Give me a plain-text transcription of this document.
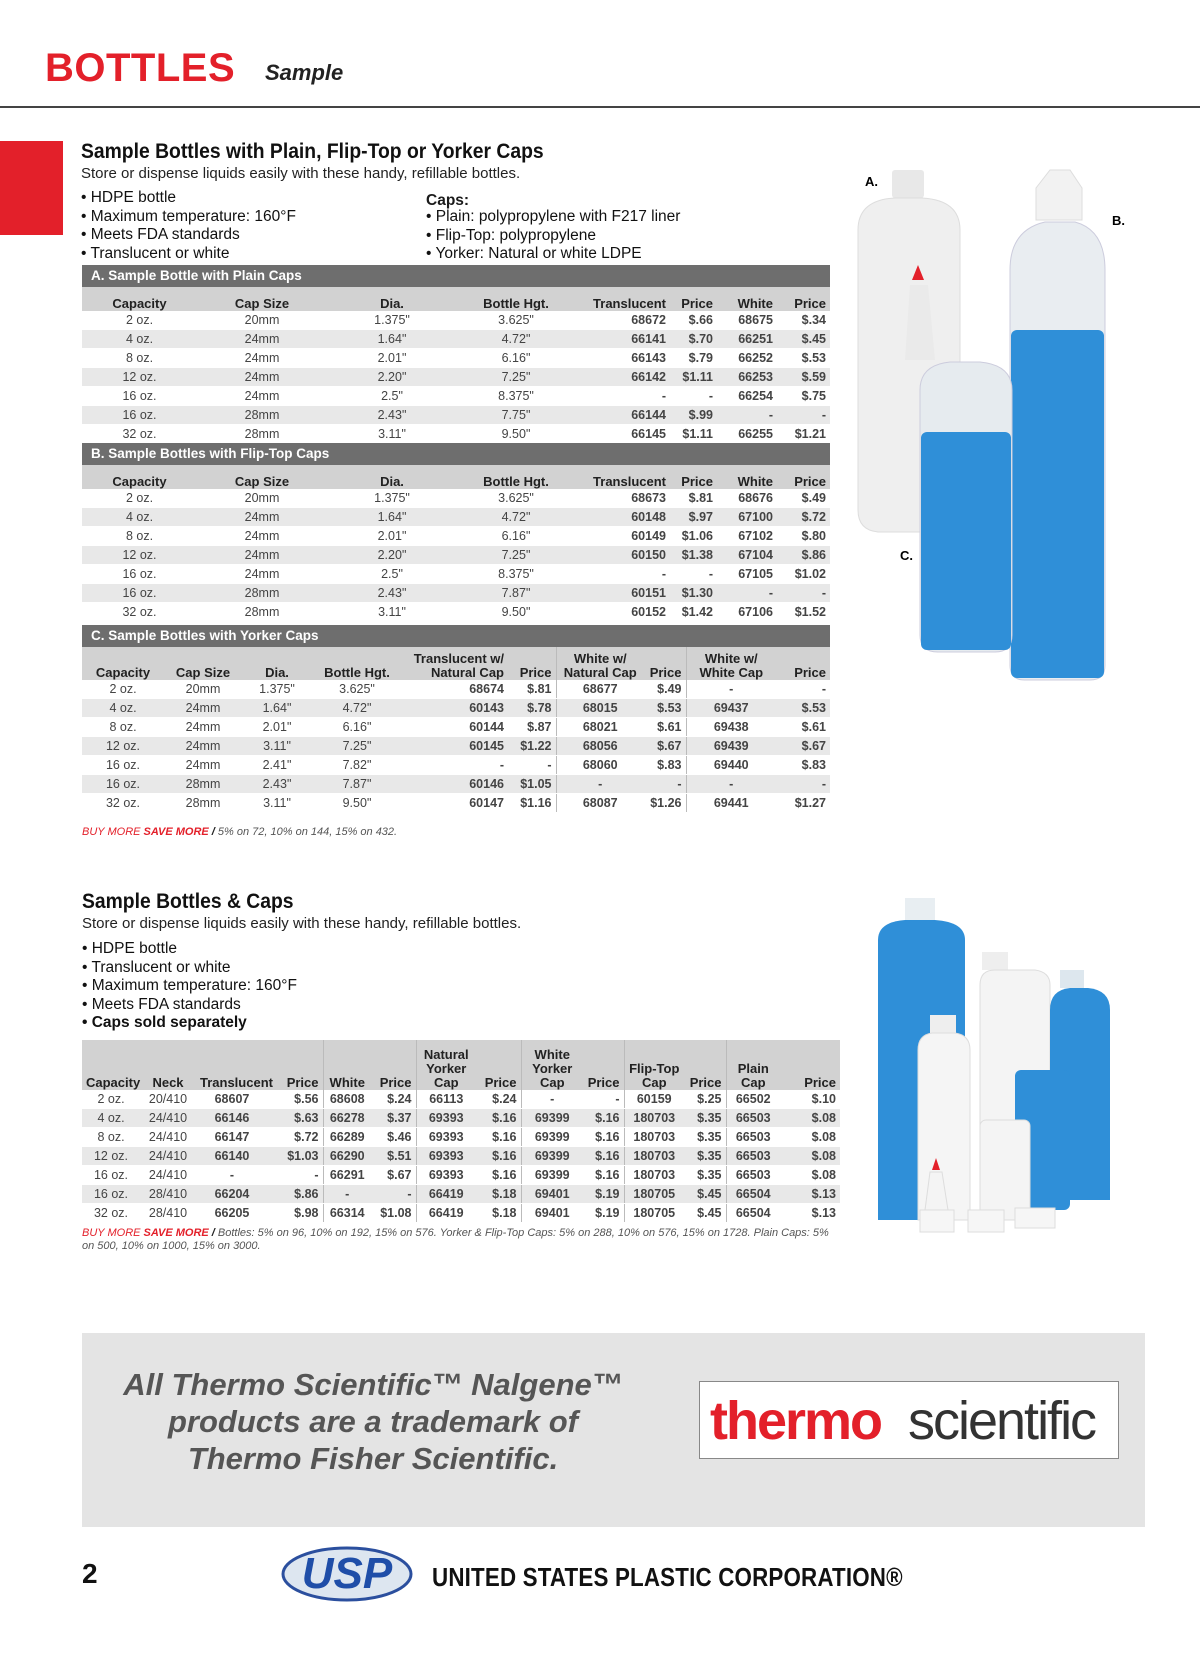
BOTTLES Sample
Sample Bottles with Plain, Flip-Top or Yorker Caps
Store or dispense liquids easily with these handy, refillable bottles.
• HDPE bottle
• Maximum temperature: 160°F
• Meets FDA standards
• Translucent or white
Caps:
• Plain: polypropylene with F217 liner
• Flip-Top: polypropylene
• Yorker: Natural or white LDPE
A. Sample Bottle with Plain Caps
Capacity	Cap Size	Dia.	Bottle Hgt.	Translucent	Price	White	Price
2 oz.	20mm	1.375"	3.625"	68672	$.66	68675	$.34
4 oz.	24mm	1.64"	4.72"	66141	$.70	66251	$.45
8 oz.	24mm	2.01"	6.16"	66143	$.79	66252	$.53
12 oz.	24mm	2.20"	7.25"	66142	$1.11	66253	$.59
16 oz.	24mm	2.5"	8.375"	-	-	66254	$.75
16 oz.	28mm	2.43"	7.75"	66144	$.99	-	-
32 oz.	28mm	3.11"	9.50"	66145	$1.11	66255	$1.21
B. Sample Bottles with Flip-Top Caps
Capacity	Cap Size	Dia.	Bottle Hgt.	Translucent	Price	White	Price
2 oz.	20mm	1.375"	3.625"	68673	$.81	68676	$.49
4 oz.	24mm	1.64"	4.72"	60148	$.97	67100	$.72
8 oz.	24mm	2.01"	6.16"	60149	$1.06	67102	$.80
12 oz.	24mm	2.20"	7.25"	60150	$1.38	67104	$.86
16 oz.	24mm	2.5"	8.375"	-	-	67105	$1.02
16 oz.	28mm	2.43"	7.87"	60151	$1.30	-	-
32 oz.	28mm	3.11"	9.50"	60152	$1.42	67106	$1.52
C. Sample Bottles with Yorker Caps
Capacity	Cap Size	Dia.	Bottle Hgt.	Translucent w/ Natural Cap	Price	White w/ Natural Cap	Price	White w/ White Cap	Price
2 oz.	20mm	1.375"	3.625"	68674	$.81	68677	$.49	-	-
4 oz.	24mm	1.64"	4.72"	60143	$.78	68015	$.53	69437	$.53
8 oz.	24mm	2.01"	6.16"	60144	$.87	68021	$.61	69438	$.61
12 oz.	24mm	3.11"	7.25"	60145	$1.22	68056	$.67	69439	$.67
16 oz.	24mm	2.41"	7.82"	-	-	68060	$.83	69440	$.83
16 oz.	28mm	2.43"	7.87"	60146	$1.05	-	-	-	-
32 oz.	28mm	3.11"	9.50"	60147	$1.16	68087	$1.26	69441	$1.27
BUY MORE SAVE MORE / 5% on 72, 10% on 144, 15% on 432.
A.
B.
C.
Sample Bottles & Caps
Store or dispense liquids easily with these handy, refillable bottles.
• HDPE bottle
• Translucent or white
• Maximum temperature: 160°F
• Meets FDA standards
• Caps sold separately
Capacity	Neck	Translucent	Price	White	Price	Natural Yorker Cap	Price	White Yorker Cap	Price	Flip-Top Cap	Price	Plain Cap	Price
2 oz.	20/410	68607	$.56	68608	$.24	66113	$.24	-	-	60159	$.25	66502	$.10
4 oz.	24/410	66146	$.63	66278	$.37	69393	$.16	69399	$.16	180703	$.35	66503	$.08
8 oz.	24/410	66147	$.72	66289	$.46	69393	$.16	69399	$.16	180703	$.35	66503	$.08
12 oz.	24/410	66140	$1.03	66290	$.51	69393	$.16	69399	$.16	180703	$.35	66503	$.08
16 oz.	24/410	-	-	66291	$.67	69393	$.16	69399	$.16	180703	$.35	66503	$.08
16 oz.	28/410	66204	$.86	-	-	66419	$.18	69401	$.19	180705	$.45	66504	$.13
32 oz.	28/410	66205	$.98	66314	$1.08	66419	$.18	69401	$.19	180705	$.45	66504	$.13
BUY MORE SAVE MORE / Bottles: 5% on 96, 10% on 192, 15% on 576. Yorker & Flip-Top Caps: 5% on 288, 10% on 576, 15% on 1728. Plain Caps: 5% on 500, 10% on 1000, 15% on 3000.
All Thermo Scientific™ Nalgene™
products are a trademark of
Thermo Fisher Scientific.
thermo scientific
2	USP UNITED STATES PLASTIC CORPORATION®
